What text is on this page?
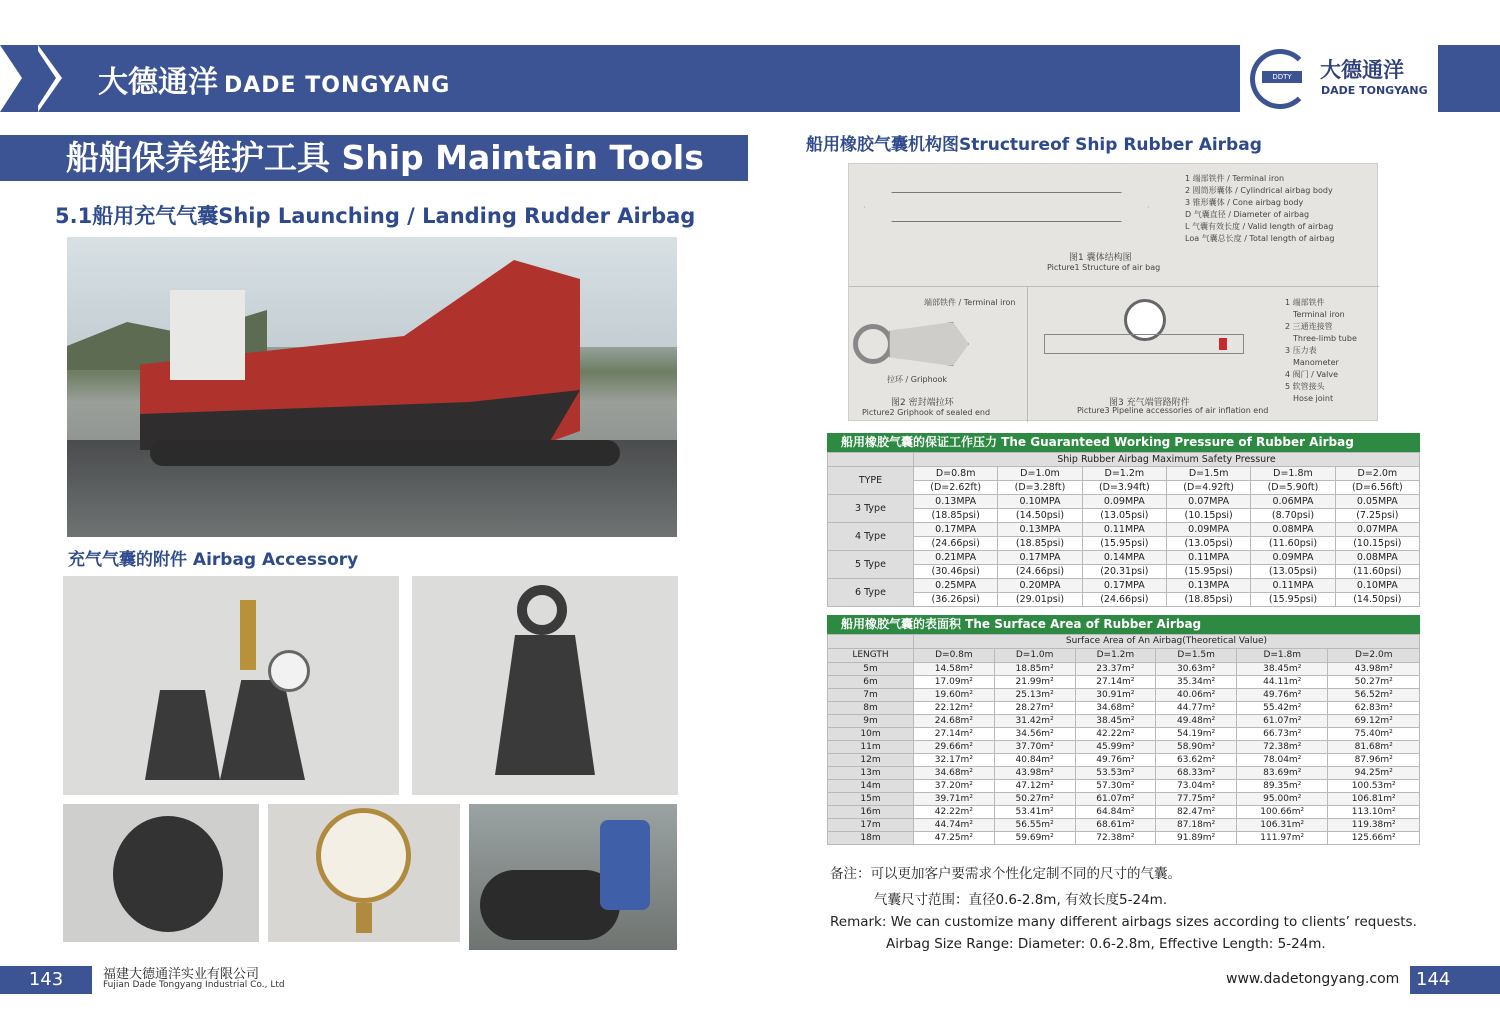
大德通洋 DADE TONGYANG	DDTY	大德通洋
DADE TONGYANG
船舶保养维护工具 Ship Maintain Tools
5.1船用充气气囊Ship Launching / Landing Rudder Airbag
充气气囊的附件 Airbag Accessory
143	福建大德通洋实业有限公司
Fujian Dade Tongyang Industrial Co., Ltd
船用橡胶气囊机构图Structureof Ship Rubber Airbag
1 端部铁件 / Terminal iron
2 圆筒形囊体 / Cylindrical airbag body
3 锥形囊体 / Cone airbag body
D 气囊直径 / Diameter of airbag
L 气囊有效长度 / Valid length of airbag
Loa 气囊总长度 / Total length of airbag
图1 囊体结构图
Picture1 Structure of air bag
端部铁件 / Terminal iron
拉环 / Griphook
图2 密封端拉环
Picture2 Griphook of sealed end
图3 充气端管路附件
Picture3 Pipeline accessories of air inflation end
1 端部铁件
Terminal iron
2 三通连接管
Three-limb tube
3 压力表
Manometer
4 阀门 / Valve
5 软管接头
Hose joint
船用橡胶气囊的保证工作压力 The Guaranteed Working Pressure of Rubber Airbag
	Ship Rubber Airbag Maximum Safety Pressure					
TYPE	D=0.8m	D=1.0m	D=1.2m	D=1.5m	D=1.8m	D=2.0m
	(D=2.62ft)	(D=3.28ft)	(D=3.94ft)	(D=4.92ft)	(D=5.90ft)	(D=6.56ft)
3 Type	0.13MPA	0.10MPA	0.09MPA	0.07MPA	0.06MPA	0.05MPA
	(18.85psi)	(14.50psi)	(13.05psi)	(10.15psi)	(8.70psi)	(7.25psi)
4 Type	0.17MPA	0.13MPA	0.11MPA	0.09MPA	0.08MPA	0.07MPA
	(24.66psi)	(18.85psi)	(15.95psi)	(13.05psi)	(11.60psi)	(10.15psi)
5 Type	0.21MPA	0.17MPA	0.14MPA	0.11MPA	0.09MPA	0.08MPA
	(30.46psi)	(24.66psi)	(20.31psi)	(15.95psi)	(13.05psi)	(11.60psi)
6 Type	0.25MPA	0.20MPA	0.17MPA	0.13MPA	0.11MPA	0.10MPA
	(36.26psi)	(29.01psi)	(24.66psi)	(18.85psi)	(15.95psi)	(14.50psi)
船用橡胶气囊的表面积 The Surface Area of Rubber Airbag
	Surface Area of An Airbag(Theoretical Value)					
LENGTH	D=0.8m	D=1.0m	D=1.2m	D=1.5m	D=1.8m	D=2.0m
5m	14.58m²	18.85m²	23.37m²	30.63m²	38.45m²	43.98m²
6m	17.09m²	21.99m²	27.14m²	35.34m²	44.11m²	50.27m²
7m	19.60m²	25.13m²	30.91m²	40.06m²	49.76m²	56.52m²
8m	22.12m²	28.27m²	34.68m²	44.77m²	55.42m²	62.83m²
9m	24.68m²	31.42m²	38.45m²	49.48m²	61.07m²	69.12m²
10m	27.14m²	34.56m²	42.22m²	54.19m²	66.73m²	75.40m²
11m	29.66m²	37.70m²	45.99m²	58.90m²	72.38m²	81.68m²
12m	32.17m²	40.84m²	49.76m²	63.62m²	78.04m²	87.96m²
13m	34.68m²	43.98m²	53.53m²	68.33m²	83.69m²	94.25m²
14m	37.20m²	47.12m²	57.30m²	73.04m²	89.35m²	100.53m²
15m	39.71m²	50.27m²	61.07m²	77.75m²	95.00m²	106.81m²
16m	42.22m²	53.41m²	64.84m²	82.47m²	100.66m²	113.10m²
17m	44.74m²	56.55m²	68.61m²	87.18m²	106.31m²	119.38m²
18m	47.25m²	59.69m²	72.38m²	91.89m²	111.97m²	125.66m²
备注：可以更加客户要需求个性化定制不同的尺寸的气囊。
气囊尺寸范围：直径0.6-2.8m, 有效长度5-24m.
Remark: We can customize many different airbags sizes according to clients’ requests.
Airbag Size Range: Diameter: 0.6-2.8m, Effective Length: 5-24m.
www.dadetongyang.com 144
